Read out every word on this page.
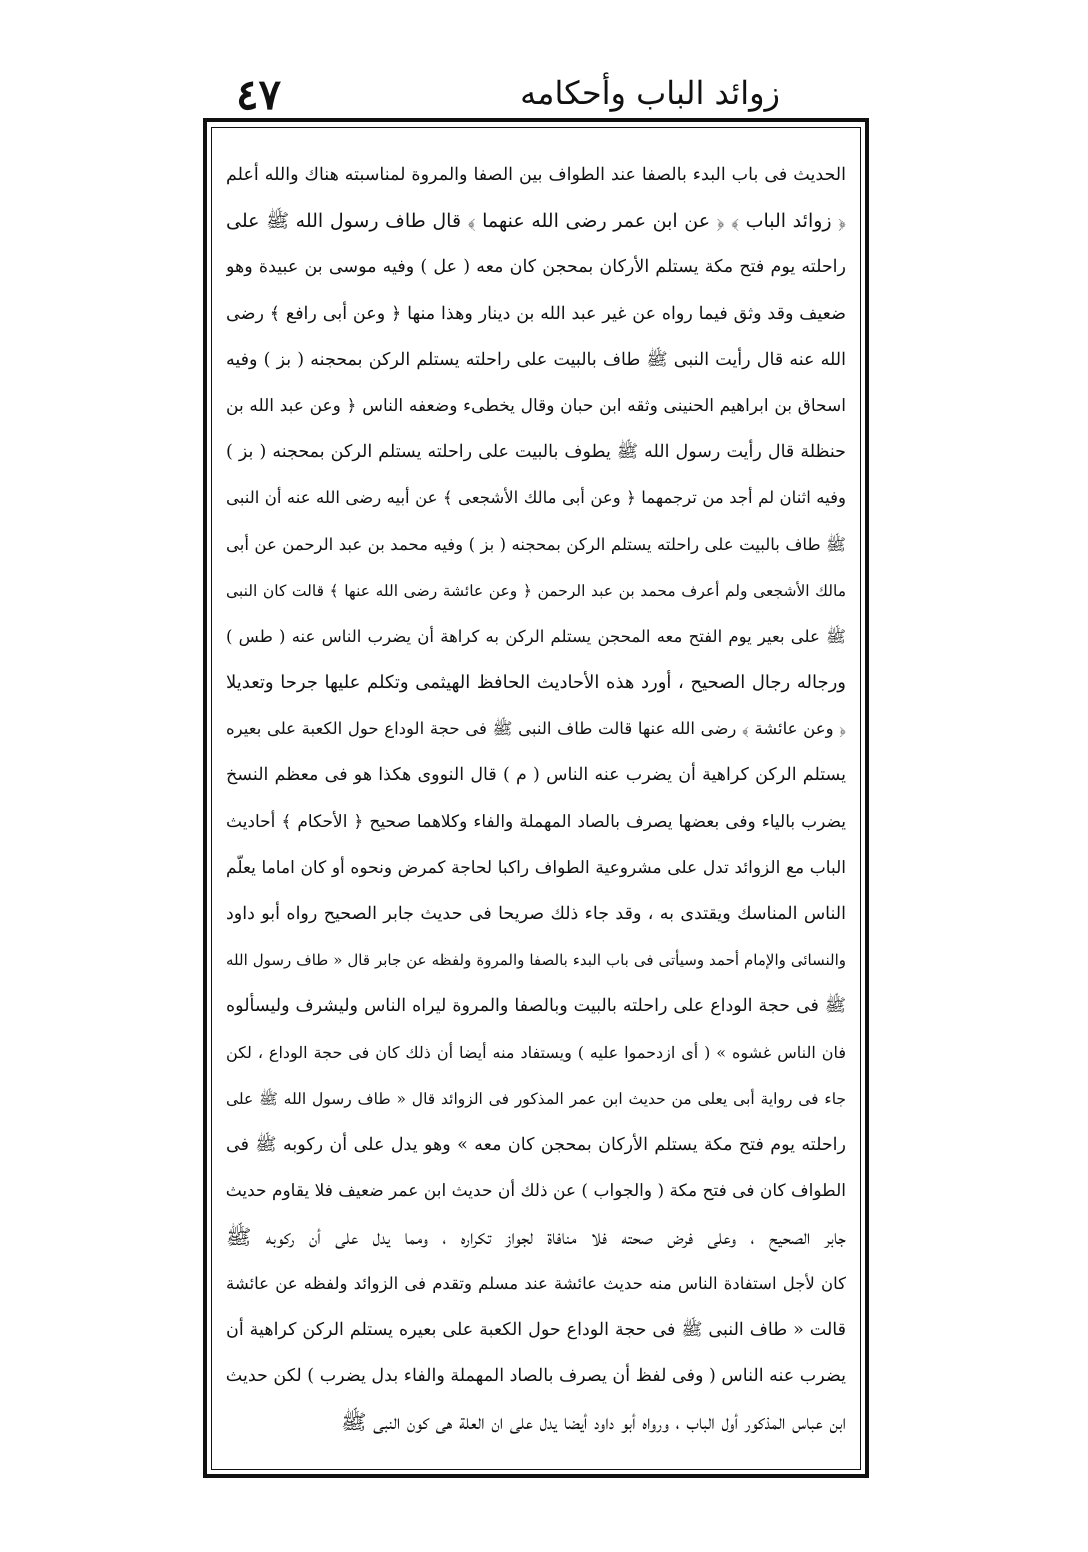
زوائد الباب وأحكامه
٤٧
الحديث فى باب البدء بالصفا عند الطواف بين الصفا والمروة لمناسبته هناك والله أعلم
﴿ زوائد الباب ﴾ ﴿ عن ابن عمر رضى الله عنهما ﴾ قال طاف رسول الله ﷺ على
راحلته يوم فتح مكة يستلم الأركان بمحجن كان معه ( عل ) وفيه موسى بن عبيدة وهو
ضعيف وقد وثق فيما رواه عن غير عبد الله بن دينار وهذا منها ﴿ وعن أبى رافع ﴾ رضى
الله عنه قال رأيت النبى ﷺ طاف بالبيت على راحلته يستلم الركن بمحجنه ( بز ) وفيه
اسحاق بن ابراهيم الحنينى وثقه ابن حبان وقال يخطىء وضعفه الناس ﴿ وعن عبد الله بن
حنظلة قال رأيت رسول الله ﷺ يطوف بالبيت على راحلته يستلم الركن بمحجنه ( بز )
وفيه اثنان لم أجد من ترجمهما ﴿ وعن أبى مالك الأشجعى ﴾ عن أبيه رضى الله عنه أن النبى
ﷺ طاف بالبيت على راحلته يستلم الركن بمحجنه ( بز ) وفيه محمد بن عبد الرحمن عن أبى
مالك الأشجعى ولم أعرف محمد بن عبد الرحمن ﴿ وعن عائشة رضى الله عنها ﴾ قالت كان النبى
ﷺ على بعير يوم الفتح معه المحجن يستلم الركن به كراهة أن يضرب الناس عنه ( طس )
ورجاله رجال الصحيح ، أورد هذه الأحاديث الحافظ الهيثمى وتكلم عليها جرحا وتعديلا
﴿ وعن عائشة ﴾ رضى الله عنها قالت طاف النبى ﷺ فى حجة الوداع حول الكعبة على بعيره
يستلم الركن كراهية أن يضرب عنه الناس ( م ) قال النووى هكذا هو فى معظم النسخ
يضرب بالياء وفى بعضها يصرف بالصاد المهملة والفاء وكلاهما صحيح ﴿ الأحكام ﴾ أحاديث
الباب مع الزوائد تدل على مشروعية الطواف راكبا لحاجة كمرض ونحوه أو كان اماما يعلّم
الناس المناسك ويقتدى به ، وقد جاء ذلك صريحا فى حديث جابر الصحيح رواه أبو داود
والنسائى والإمام أحمد وسيأتى فى باب البدء بالصفا والمروة ولفظه عن جابر قال « طاف رسول الله
ﷺ فى حجة الوداع على راحلته بالبيت وبالصفا والمروة ليراه الناس وليشرف وليسألوه
فان الناس غشوه » ( أى ازدحموا عليه ) ويستفاد منه أيضا أن ذلك كان فى حجة الوداع ، لكن
جاء فى رواية أبى يعلى من حديث ابن عمر المذكور فى الزوائد قال « طاف رسول الله ﷺ على
راحلته يوم فتح مكة يستلم الأركان بمحجن كان معه » وهو يدل على أن ركوبه ﷺ فى
الطواف كان فى فتح مكة ( والجواب ) عن ذلك أن حديث ابن عمر ضعيف فلا يقاوم حديث
جابر الصحيح ، وعلى فرض صحته فلا منافاة لجواز تكراره ، ومما يدل على أن ركوبه ﷺ
كان لأجل استفادة الناس منه حديث عائشة عند مسلم وتقدم فى الزوائد ولفظه عن عائشة
قالت « طاف النبى ﷺ فى حجة الوداع حول الكعبة على بعيره يستلم الركن كراهية أن
يضرب عنه الناس ( وفى لفظ أن يصرف بالصاد المهملة والفاء بدل يضرب ) لكن حديث
ابن عباس المذكور أول الباب ، ورواه أبو داود أيضا يدل على ان العلة هى كون النبى ﷺ
